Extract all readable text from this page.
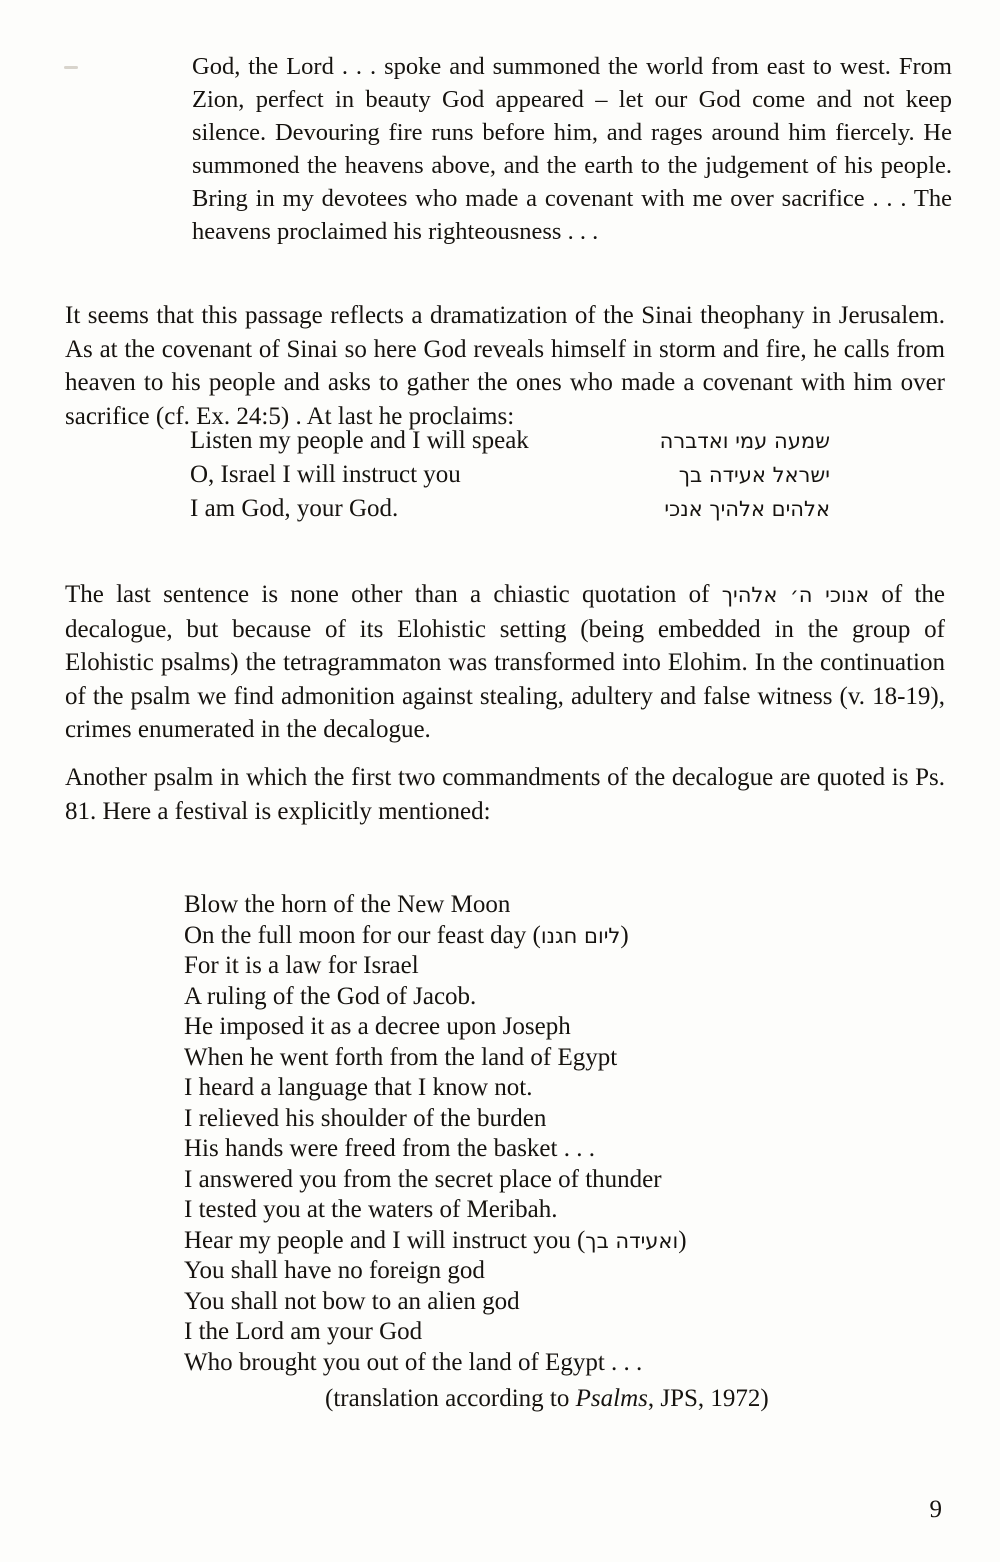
God, the Lord . . . spoke and summoned the world from east to west. From Zion, perfect in beauty God appeared – let our God come and not keep silence. Devouring fire runs before him, and rages around him fiercely. He summoned the heavens above, and the earth to the judgement of his people. Bring in my devotees who made a covenant with me over sacrifice . . . The heavens proclaimed his righteousness . . .

It seems that this passage reflects a dramatization of the Sinai theophany in Jerusalem. As at the covenant of Sinai so here God reveals himself in storm and fire, he calls from heaven to his people and asks to gather the ones who made a covenant with him over sacrifice (cf. Ex. 24:5) . At last he proclaims:

Listen my people and I will speak	שמעה עמי ואדברה
O, Israel I will instruct you	ישראל אעידה בך
I am God, your God.	אלהים אלהיך אנכי

The last sentence is none other than a chiastic quotation of אנוכי ה׳ אלהיך of the decalogue, but because of its Elohistic setting (being embedded in the group of Elohistic psalms) the tetragrammaton was transformed into Elohim. In the continuation of the psalm we find admonition against stealing, adultery and false witness (v. 18-19), crimes enumerated in the decalogue.

Another psalm in which the first two commandments of the decalogue are quoted is Ps. 81. Here a festival is explicitly mentioned:

Blow the horn of the New Moon
On the full moon for our feast day (ליום חגנו)
For it is a law for Israel
A ruling of the God of Jacob.
He imposed it as a decree upon Joseph
When he went forth from the land of Egypt
I heard a language that I know not.
I relieved his shoulder of the burden
His hands were freed from the basket . . .
I answered you from the secret place of thunder
I tested you at the waters of Meribah.
Hear my people and I will instruct you (ואעידה בך)
You shall have no foreign god
You shall not bow to an alien god
I the Lord am your God
Who brought you out of the land of Egypt . . .
(translation according to Psalms, JPS, 1972)
9
